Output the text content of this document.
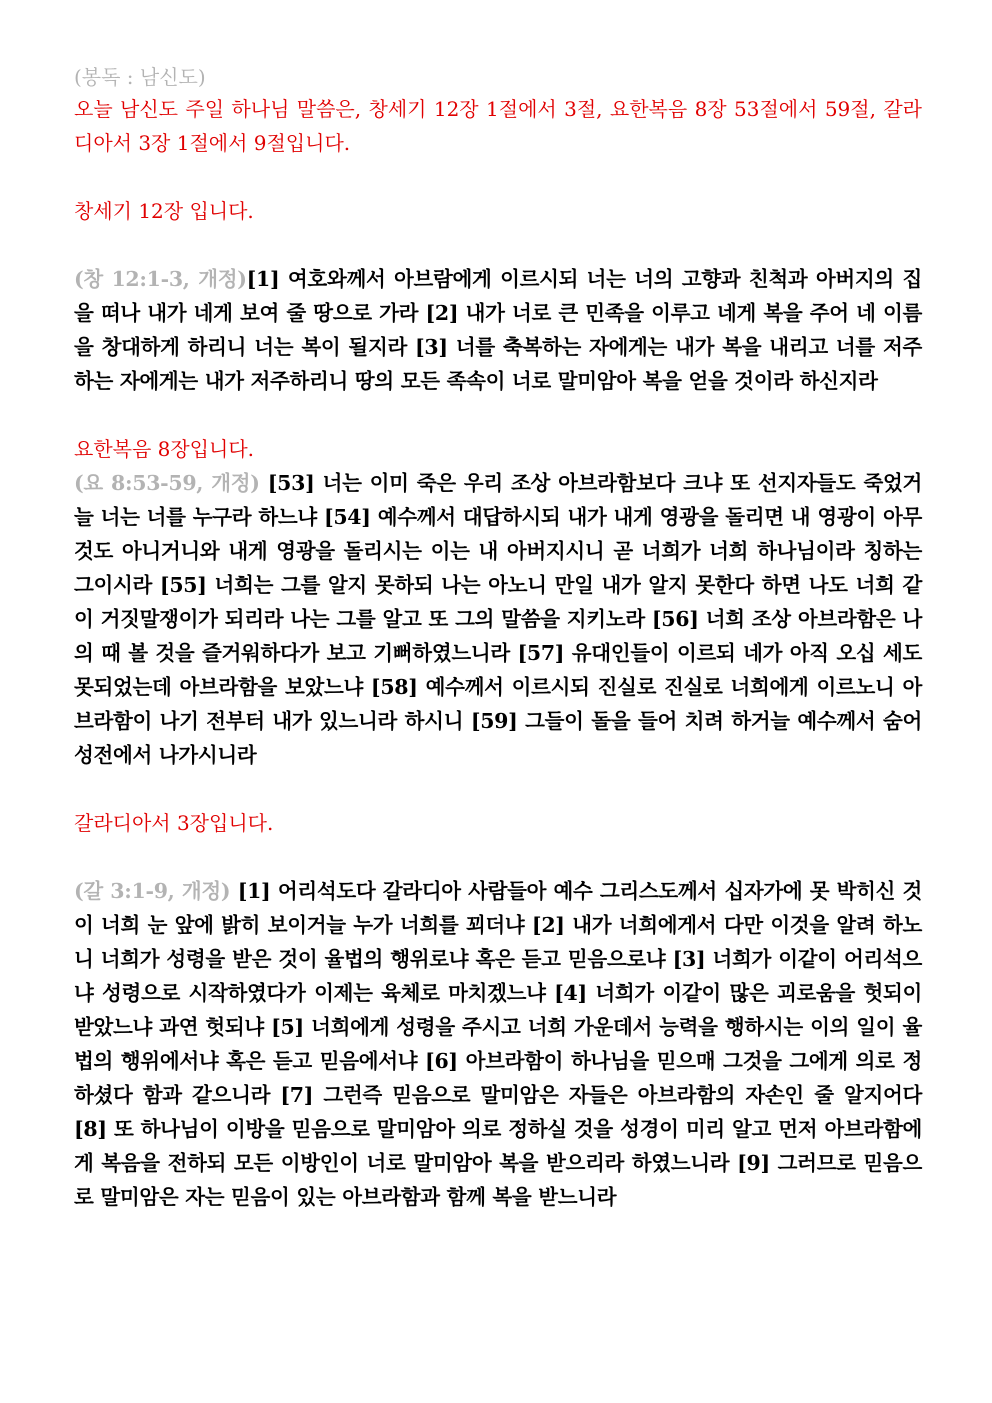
(봉독 : 남신도)

오늘 남신도 주일 하나님 말씀은, 창세기 12장 1절에서 3절, 요한복음 8장 53절에서 59절, 갈라디아서 3장 1절에서 9절입니다.

창세기 12장 입니다.

(창 12:1-3, 개정)[1] 여호와께서 아브람에게 이르시되 너는 너의 고향과 친척과 아버지의 집을 떠나 내가 네게 보여 줄 땅으로 가라 [2] 내가 너로 큰 민족을 이루고 네게 복을 주어 네 이름을 창대하게 하리니 너는 복이 될지라 [3] 너를 축복하는 자에게는 내가 복을 내리고 너를 저주하는 자에게는 내가 저주하리니 땅의 모든 족속이 너로 말미암아 복을 얻을 것이라 하신지라

요한복음 8장입니다.

(요 8:53-59, 개정) [53] 너는 이미 죽은 우리 조상 아브라함보다 크냐 또 선지자들도 죽었거늘 너는 너를 누구라 하느냐 [54] 예수께서 대답하시되 내가 내게 영광을 돌리면 내 영광이 아무 것도 아니거니와 내게 영광을 돌리시는 이는 내 아버지시니 곧 너희가 너희 하나님이라 칭하는 그이시라 [55] 너희는 그를 알지 못하되 나는 아노니 만일 내가 알지 못한다 하면 나도 너희 같이 거짓말쟁이가 되리라 나는 그를 알고 또 그의 말씀을 지키노라 [56] 너희 조상 아브라함은 나의 때 볼 것을 즐거워하다가 보고 기뻐하였느니라 [57] 유대인들이 이르되 네가 아직 오십 세도 못되었는데 아브라함을 보았느냐 [58] 예수께서 이르시되 진실로 진실로 너희에게 이르노니 아브라함이 나기 전부터 내가 있느니라 하시니 [59] 그들이 돌을 들어 치려 하거늘 예수께서 숨어 성전에서 나가시니라

갈라디아서 3장입니다.

(갈 3:1-9, 개정) [1] 어리석도다 갈라디아 사람들아 예수 그리스도께서 십자가에 못 박히신 것이 너희 눈 앞에 밝히 보이거늘 누가 너희를 꾀더냐 [2] 내가 너희에게서 다만 이것을 알려 하노니 너희가 성령을 받은 것이 율법의 행위로냐 혹은 듣고 믿음으로냐 [3] 너희가 이같이 어리석으냐 성령으로 시작하였다가 이제는 육체로 마치겠느냐 [4] 너희가 이같이 많은 괴로움을 헛되이 받았느냐 과연 헛되냐 [5] 너희에게 성령을 주시고 너희 가운데서 능력을 행하시는 이의 일이 율법의 행위에서냐 혹은 듣고 믿음에서냐 [6] 아브라함이 하나님을 믿으매 그것을 그에게 의로 정하셨다 함과 같으니라 [7] 그런즉 믿음으로 말미암은 자들은 아브라함의 자손인 줄 알지어다 [8] 또 하나님이 이방을 믿음으로 말미암아 의로 정하실 것을 성경이 미리 알고 먼저 아브라함에게 복음을 전하되 모든 이방인이 너로 말미암아 복을 받으리라 하였느니라 [9] 그러므로 믿음으로 말미암은 자는 믿음이 있는 아브라함과 함께 복을 받느니라
